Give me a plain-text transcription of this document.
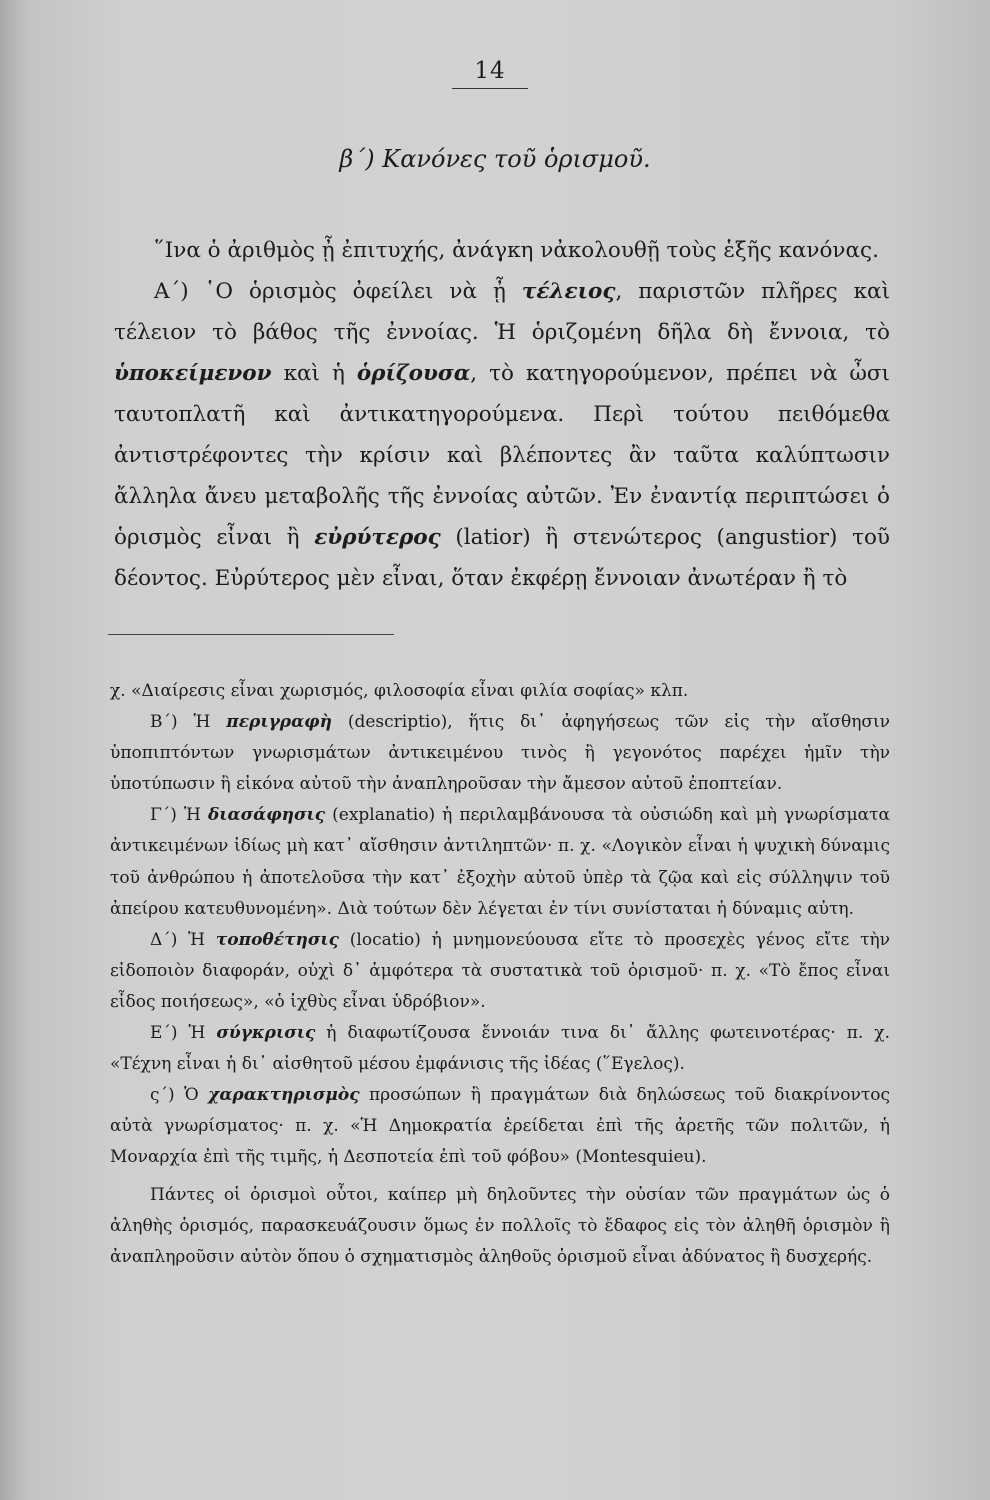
14
β΄) Κανόνες τοῦ ὁρισμοῦ.

῞Ινα ὁ ἀριθμὸς ᾖ ἐπιτυχής, ἀνάγκη νἀκολουθῇ τοὺς ἑξῆς κανόνας.

Α΄) ῾Ο ὁρισμὸς ὀφείλει νὰ ᾖ τέλειος, παριστῶν πλῆρες καὶ τέλειον τὸ βάθος τῆς ἐννοίας. Ἡ ὁριζομένη δῆλα δὴ ἔννοια, τὸ ὑποκείμενον καὶ ἡ ὁρίζουσα, τὸ κατηγορούμενον, πρέπει νὰ ὦσι ταυτοπλατῆ καὶ ἀντικατηγορούμενα. Περὶ τούτου πειθόμεθα ἀντιστρέφοντες τὴν κρίσιν καὶ βλέποντες ἂν ταῦτα καλύπτωσιν ἄλληλα ἄνευ μεταβολῆς τῆς ἐννοίας αὐτῶν. Ἐν ἐναντίᾳ περιπτώσει ὁ ὁρισμὸς εἶναι ἢ εὐρύτερος (latior) ἢ στενώτερος (angustior) τοῦ δέοντος. Εὐρύτερος μὲν εἶναι, ὅταν ἐκφέρῃ ἔννοιαν ἀνωτέραν ἢ τὸ

χ. «Διαίρεσις εἶναι χωρισμός, φιλοσοφία εἶναι φιλία σοφίας» κλπ.

Β΄) Ἡ περιγραφὴ (descriptio), ἥτις δι᾽ ἀφηγήσεως τῶν εἰς τὴν αἴσθησιν ὑποπιπτόντων γνωρισμάτων ἀντικειμένου τινὸς ἢ γεγονότος παρέχει ἡμῖν τὴν ὑποτύπωσιν ἢ εἰκόνα αὐτοῦ τὴν ἀναπληροῦσαν τὴν ἄμεσον αὐτοῦ ἐποπτείαν.

Γ΄) Ἡ διασάφησις (explanatio) ἡ περιλαμβάνουσα τὰ οὐσιώδη καὶ μὴ γνωρίσματα ἀντικειμένων ἰδίως μὴ κατ᾽ αἴσθησιν ἀντιληπτῶν· π. χ. «Λογικὸν εἶναι ἡ ψυχικὴ δύναμις τοῦ ἀνθρώπου ἡ ἀποτελοῦσα τὴν κατ᾽ ἐξοχὴν αὐτοῦ ὑπὲρ τὰ ζῷα καὶ εἰς σύλληψιν τοῦ ἀπείρου κατευθυνομένη». Διὰ τούτων δὲν λέγεται ἐν τίνι συνίσταται ἡ δύναμις αὐτη.

Δ΄) Ἡ τοποθέτησις (locatio) ἡ μνημονεύουσα εἴτε τὸ προσεχὲς γένος εἴτε τὴν εἰδοποιὸν διαφοράν, οὐχὶ δ᾽ ἀμφότερα τὰ συστατικὰ τοῦ ὁρισμοῦ· π. χ. «Τὸ ἔπος εἶναι εἶδος ποιήσεως», «ὁ ἰχθὺς εἶναι ὑδρόβιον».

Ε΄) Ἡ σύγκρισις ἡ διαφωτίζουσα ἔννοιάν τινα δι᾽ ἄλλης φωτεινοτέρας· π. χ. «Τέχνη εἶναι ἡ δι᾽ αἰσθητοῦ μέσου ἐμφάνισις τῆς ἰδέας (῞Εγελος).

ς΄) Ὁ χαρακτηρισμὸς προσώπων ἢ πραγμάτων διὰ δηλώσεως τοῦ διακρίνοντος αὐτὰ γνωρίσματος· π. χ. «Ἡ Δημοκρατία ἐρείδεται ἐπὶ τῆς ἀρετῆς τῶν πολιτῶν, ἡ Μοναρχία ἐπὶ τῆς τιμῆς, ἡ Δεσποτεία ἐπὶ τοῦ φόβου» (Montesquieu).

Πάντες οἱ ὁρισμοὶ οὗτοι, καίπερ μὴ δηλοῦντες τὴν οὐσίαν τῶν πραγμάτων ὡς ὁ ἀληθὴς ὁρισμός, παρασκευάζουσιν ὅμως ἐν πολλοῖς τὸ ἔδαφος εἰς τὸν ἀληθῆ ὁρισμὸν ἢ ἀναπληροῦσιν αὐτὸν ὅπου ὁ σχηματισμὸς ἀληθοῦς ὁρισμοῦ εἶναι ἀδύνατος ἢ δυσχερής.
